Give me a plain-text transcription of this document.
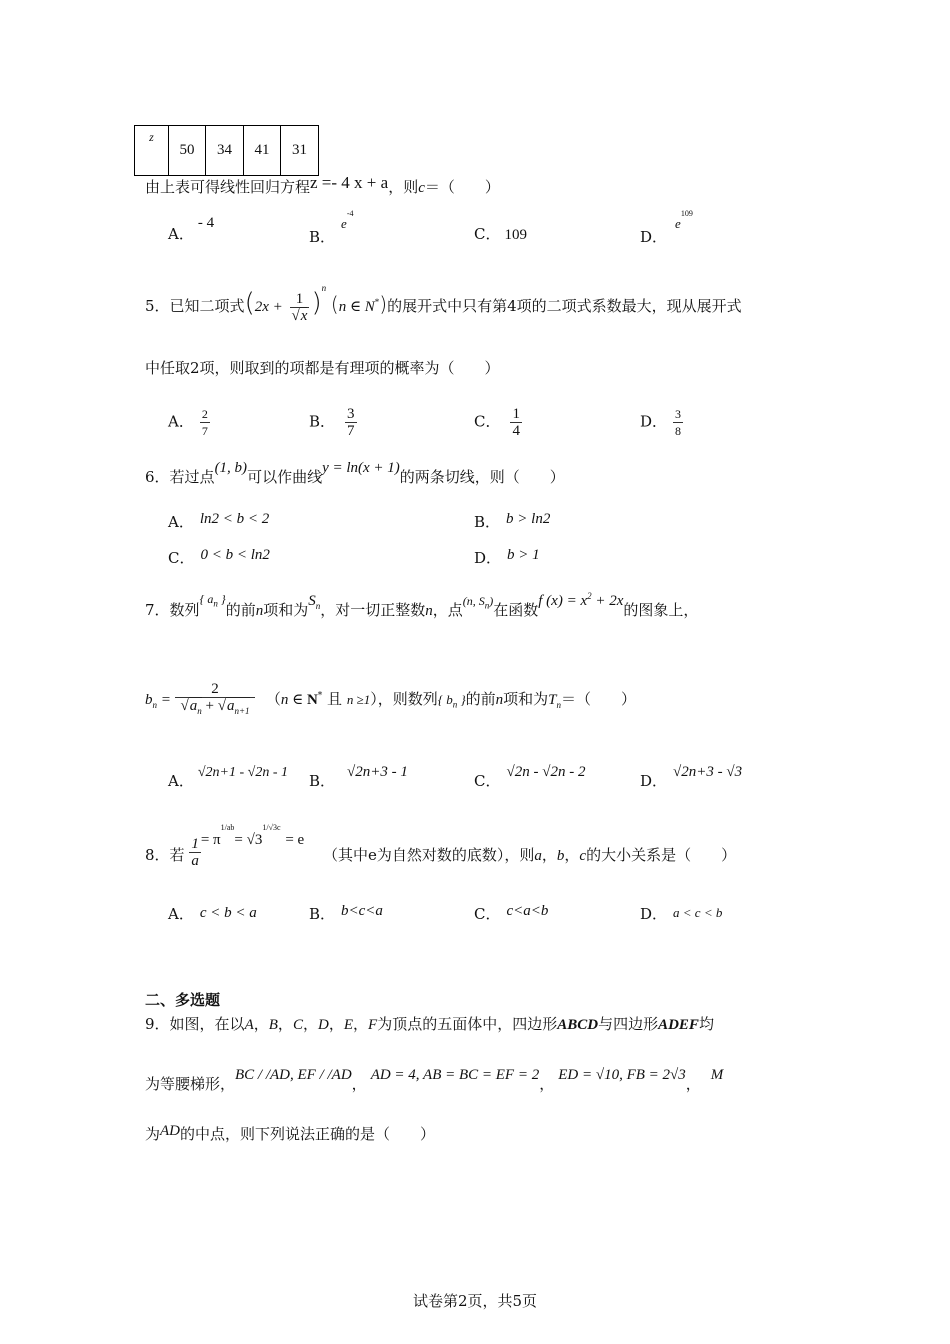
z	50	34	41	31
由上表可得线性回归方程z =- 4 x + a，则c＝（　　）
A．- 4
B．$e^{-4}$
C． 109	D．$e^{109}$
5．已知二项式$(2x + \frac{1}{√x} )^n$ (n ∈ N*)的展开式中只有第4项的二项式系数最大，现从展开式
中任取2项，则取到的项都是有理项的概率为（　　）
A． $\frac{2}{7}$	B． $\frac{3}{7}$	C． $\frac{1}{4}$	D． $\frac{3}{8}$
6．若过点(1, b)可以作曲线y = ln(x + 1)的两条切线，则（　　）
A． ln2 < b < 2	B． b > ln2
C． 0 < b < ln2	D． b > 1
7．数列$^{\{ a_n \}}$的前n项和为$S_n$，对一切正整数n，点$^{(n, S_n)}$在函数f $(x) = x^2 + 2x$的图象上，
$b_n = \frac{2}{√a_n + √a_{n+1}} (n$ ∈ N* 且 n ≥1），则数列{ $b_n$ }的前n项和为$T_n=$（　　）
A． √2n+1 - √2n - 1 B． √2n+3 - 1	C． √2n - √2n - 2	D． √2n+3 - √3
8．若 $\frac{1}{a} = \pi^{1/ab}= √3^{1/√3c} = e$ （其中e为自然对数的底数），则a，b，c的大小关系是（　　）
A． c < b < a	B． b<c<a	C． c<a<b	D． a < c < b
二、多选题
9．如图，在以A，B，C，D，E，F为顶点的五面体中，四边形ABCD与四边形ADEF均
为等腰梯形，BC / /AD, EF / /AD， AD = 4, AB = BC = EF = 2， ED = √10, FB = 2√3， M
为AD的中点，则下列说法正确的是（　　）
试卷第2页，共5页
